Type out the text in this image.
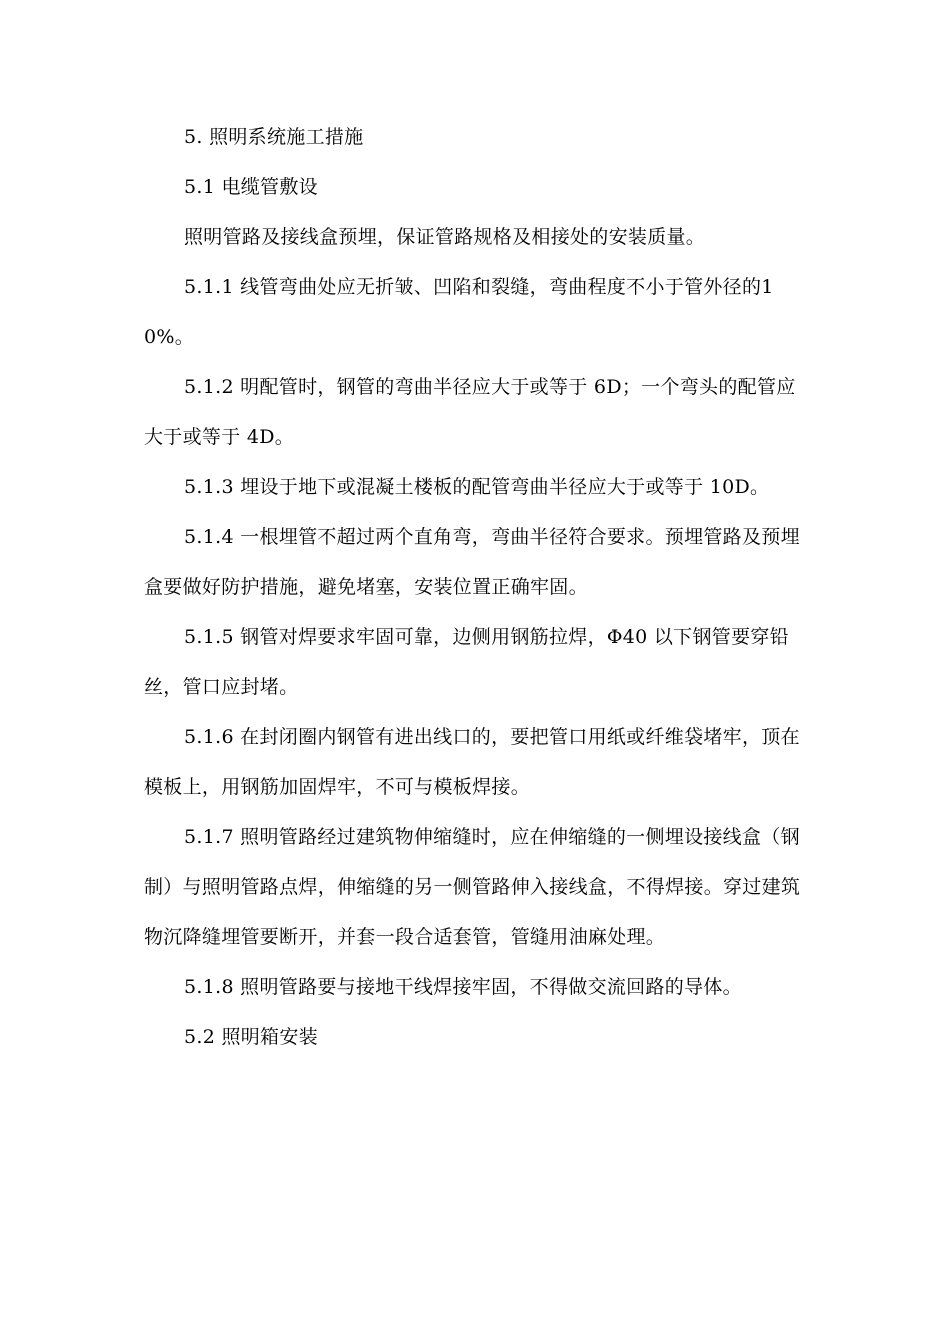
5. 照明系统施工措施

5.1 电缆管敷设

照明管路及接线盒预埋，保证管路规格及相接处的安装质量。

5.1.1 线管弯曲处应无折皱、凹陷和裂缝，弯曲程度不小于管外径的10%。

5.1.2 明配管时，钢管的弯曲半径应大于或等于 6D；一个弯头的配管应大于或等于 4D。

5.1.3 埋设于地下或混凝土楼板的配管弯曲半径应大于或等于 10D。

5.1.4 一根埋管不超过两个直角弯，弯曲半径符合要求。预埋管路及预埋盒要做好防护措施，避免堵塞，安装位置正确牢固。

5.1.5 钢管对焊要求牢固可靠，边侧用钢筋拉焊，Φ40 以下钢管要穿铅丝，管口应封堵。

5.1.6 在封闭圈内钢管有进出线口的，要把管口用纸或纤维袋堵牢，顶在模板上，用钢筋加固焊牢，不可与模板焊接。

5.1.7 照明管路经过建筑物伸缩缝时，应在伸缩缝的一侧埋设接线盒（钢制）与照明管路点焊，伸缩缝的另一侧管路伸入接线盒，不得焊接。穿过建筑物沉降缝埋管要断开，并套一段合适套管，管缝用油麻处理。

5.1.8 照明管路要与接地干线焊接牢固，不得做交流回路的导体。

5.2 照明箱安装
